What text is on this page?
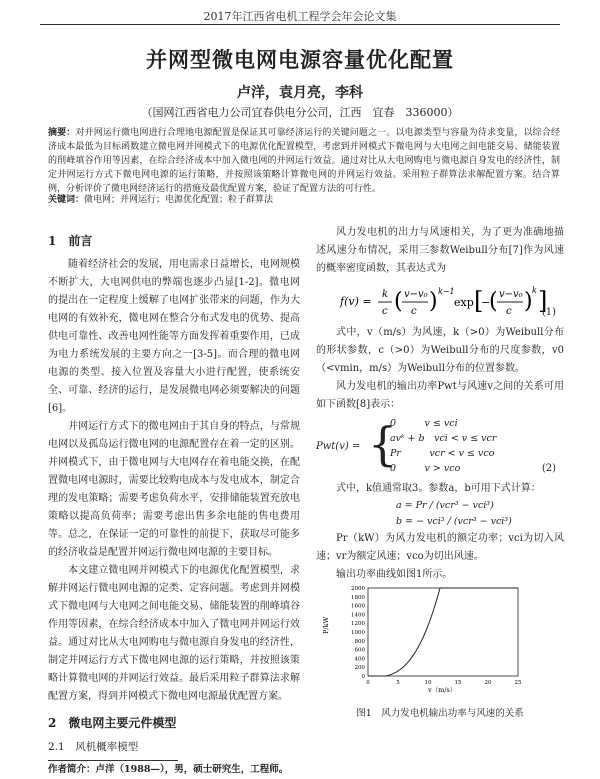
2017年江西省电机工程学会年会论文集
并网型微电网电源容量优化配置
卢洋，袁月亮，李科
（国网江西省电力公司宜春供电分公司，江西　宜春　336000）
摘要：对并网运行微电网进行合理地电源配置是保证其可靠经济运行的关键问题之一。以电源类型与容量为待求变量，以综合经济成本最低为目标函数建立微电网并网模式下的电源优化配置模型，考虑到并网模式下微电网与大电网之间电能交易、储能装置的削峰填谷作用等因素，在综合经济成本中加入微电网的并网运行效益。通过对比从大电网购电与微电源自身发电的经济性，制定并网运行方式下微电网电源的运行策略，并按照该策略计算微电网的并网运行效益。采用粒子群算法求解配置方案。结合算例，分析评价了微电网经济运行的措施及最优配置方案，验证了配置方法的可行性。
关键词：微电网；并网运行；电源优化配置；粒子群算法
1　前言

随着经济社会的发展，用电需求日益增长，电网规模不断扩大，大电网供电的弊端也逐步凸显[1-2]。微电网的提出在一定程度上缓解了电网扩张带来的问题，作为大电网的有效补充，微电网在整合分布式发电的优势、提高供电可靠性、改善电网性能等方面发挥着重要作用，已成为电力系统发展的主要方向之一[3-5]。而合理的微电网电源的类型、接入位置及容量大小进行配置，使系统安全、可靠、经济的运行，是发展微电网必须要解决的问题[6]。

并网运行方式下的微电网由于其自身的特点，与常规电网以及孤岛运行微电网的电源配置存在着一定的区别。并网模式下，由于微电网与大电网存在着电能交换，在配置微电网电源时，需要比较购电成本与发电成本，制定合理的发电策略；需要考虑负荷水平，安排储能装置充放电策略以提高负荷率；需要考虑出售多余电能的售电费用等。总之，在保证一定的可靠性的前提下，获取尽可能多的经济收益是配置并网运行微电网电源的主要目标。

本文建立微电网并网模式下的电源优化配置模型，求解并网运行微电网电源的定类、定容问题。考虑到并网模式下微电网与大电网之间电能交易、储能装置的削峰填谷作用等因素，在综合经济成本中加入了微电网并网运行效益。通过对比从大电网购电与微电源自身发电的经济性，制定并网运行方式下微电网电源的运行策略，并按照该策略计算微电网的并网运行效益。最后采用粒子群算法求解配置方案，得到并网模式下微电网电源最优配置方案。

2　微电网主要元件模型
2.1　风机概率模型
作者简介：卢洋（1988—），男，硕士研究生，工程师。

风力发电机的出力与风速相关，为了更为准确地描述风速分布情况，采用三参数Weibull分布[7]作为风速的概率密度函数，其表达式为

f(v) =
k
c ( v−v₀
c ) k−1
exp [
−
( v−v₀
c ) k ]
(1)

式中，v（m/s）为风速，k（>0）为Weibull分布的形状参数，c（>0）为Weibull分布的尺度参数，v0（<vmin，m/s）为Weibull分布的位置参数。

风力发电机的输出功率Pwt与风速v之间的关系可用如下函数[8]表示：

Pwt(v) = {
0　　　v ≤ vci
avᵏ + b　vci < v ≤ vcr
Pr　　　vcr < v ≤ vco
0　　　v > vco	(2)

式中，k值通常取3。参数a，b可用下式计算：

a = Pr / (vcr³ − vci³)
b = − vci³ / (vcr³ − vci³)

Pr（kW）为风力发电机的额定功率；vci为切入风速；vr为额定风速；vco为切出风速。

输出功率曲线如图1所示。

0
200
400
600
800
1000
1200
1400
1600
1800
2000
0	5	10	15	20	25
P/kW
v（m/s）
图1　风力发电机输出功率与风速的关系
